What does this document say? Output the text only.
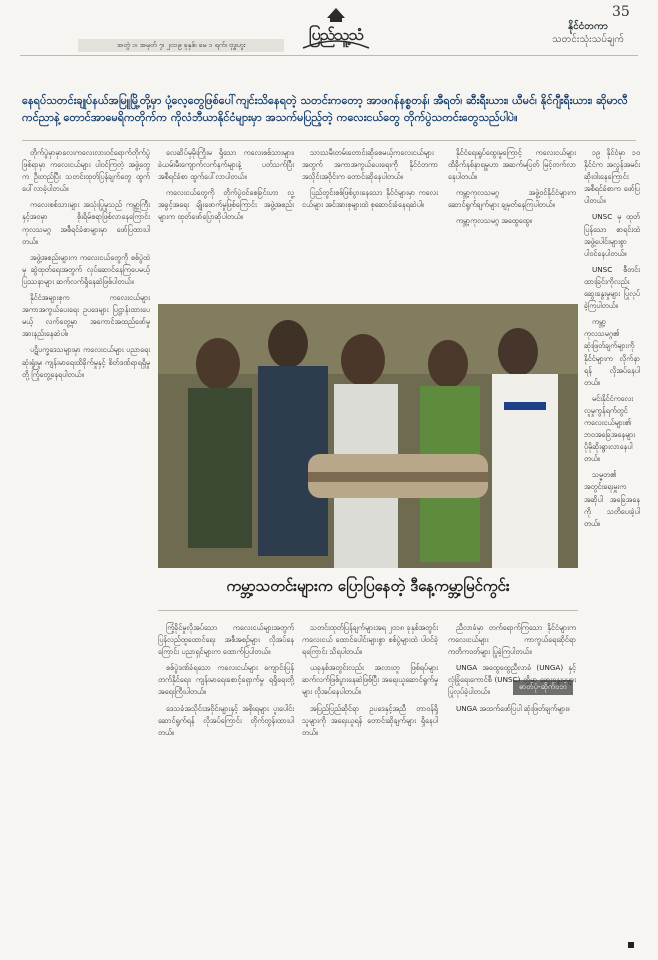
အတွဲ ၁၊ အမှတ် ၇၊ ၂၀၁၉ ခုနှစ်၊ မေ ၁ ရက်၊ ဗုဒ္ဓဟူး
ပြည်သူ့သံ	နိုင်ငံတကာ
သတင်းသုံးသပ်ချက်
35
နေရပ်သတင်းချုပ်နယ်အမြူမြို့တို့မှာ ပုံ့လေ့တွေဖြစ်ပေါ်ကျင်းသိနေရတဲ့ သတင်းကတော့ အာဖဂန်နစ္စတန်၊ အီရတ်၊ ဆီးရီးယား၊ ယီမင်၊ နိုင်ဂျီးရီးယား၊ ဆိုမာလီ ကင်ညာနဲ့ တောင်အာမေရိကတိုက်က ကိုလံဘီယာနိုင်ငံများမှာ အသက်မပြည့်တဲ့ ကလေးငယ်တွေ တိုက်ပွဲသတင်းတွေသည်ပါပဲ။

တိုက်ပွဲမှာမှာလေးကလေးလားဝင်ရောက်တိုက်ပွဲဖြစ်ရာမှာ ကလေးငယ်များ ပါဝင်ကြတဲ့ အဖွဲ့တွေက ဦးတည်ပြီး သတင်းထုတ်ပြန်ချက်တွေ ထွက်ပေါ်လာခဲ့ပါတယ်။

ကလေးစစ်သားများ အသုံးပြုမှုသည် ကမ္ဘာ့ကြီးနှင့်အဝမှာ စိုးရိမ်စရာဖြစ်လာနေကြောင်း ကုလသမဂ္ဂ အစီရင်ခံစာများမှာ ဖော်ပြထားပါတယ်။

အဖွဲ့အစည်းများက ကလေးငယ်တွေကို စစ်ပွဲထဲမှ ဆွဲထုတ်ရေးအတွက် လုပ်ဆောင်နေကြပေမယ့် ပြဿနာများ ဆက်လက်ရှိနေဆဲဖြစ်ပါတယ်။

နိုင်ငံအများစုက ကလေးငယ်များ အကာအကွယ်ပေးရေး ဥပဒေများ ပြဋ္ဌာန်းထားပေမယ့် လက်တွေ့မှာ အကောင်အထည်ဖော်မှု အားနည်းနေဆဲပါ။

ပဋိပက္ခဒေသများမှာ ကလေးငယ်များ ပညာရေးဆုံးရှုံးမှု၊ ကျန်းမာရေးထိခိုက်မှုနှင့် စိတ်ဒဏ်ရာရရှိမှုတို့ ကြုံတွေ့နေရပါတယ်။

လေဆိပ်မှမိုးကြိုးမ ရှိသော ကလေးစစ်သားများ၊ ခဲယမ်းမီးကျောက်လက်နက်များနဲ့ ပတ်သက်ပြီး အစီရင်ခံစာ ထွက်ပေါ်လာပါတယ်။

ကလေးငယ်တွေကို တိုက်ပွဲဝင်စေခြင်းဟာ လူ့အခွင့်အရေး ချိုးဖောက်မှုဖြစ်ကြောင်း အဖွဲ့အစည်းများက ထုတ်ဖော်ပြောဆိုပါတယ်။

သားသမီးတမ်းတောင်းဆိုစေမယ့်ကလေးငယ်များ အတွက် အကာအကွယ်ပေးရေးကို နိုင်ငံတကာ အသိုင်းအဝိုင်းက တောင်းဆိုနေပါတယ်။

ပြည်တွင်းစစ်ဖြစ်ပွားနေသော နိုင်ငံများမှာ ကလေးငယ်များ အင်အားစုများထဲ စုဆောင်းခံနေရဆဲပါ။

နိုင်ငံရေးရှုပ်ထွေးမှုကြောင့် ကလေးငယ်များ ထိခိုက်နစ်နာရမှုဟာ အဆက်မပြတ် မြင့်တက်လာနေပါတယ်။

ကမ္ဘာ့ကုလသမဂ္ဂ အဖွဲ့ဝင်နိုင်ငံများက ဆောင်ရွက်ချက်များ ချမှတ်နေကြပါတယ်။

ကမ္ဘာ့ကုလသမဂ္ဂ အထွေထွေ။

ဓာတ်ပုံ-ဆိုက်ဝဘ်
ကမ္ဘာ့သတင်းများက ပြောပြနေတဲ့ ဒီနေ့ကမ္ဘာ့မြင်ကွင်း

ကြံ့ခိုင်မှုလိုအပ်သော ကလေးငယ်များအတွက် ပြန်လည်ထူထောင်ရေး အစီအစဉ်များ လိုအပ်နေကြောင်း ပညာရှင်များက ထောက်ပြပါတယ်။

စစ်ပွဲဒဏ်ခံရသော ကလေးငယ်များ ကျောင်းပြန်တက်နိုင်ရေး၊ ကျန်းမာရေးစောင့်ရှောက်မှု ရရှိရေးတို့ အရေးကြီးပါတယ်။

ဒေသခံအသိုင်းအဝိုင်းများနှင့် အစိုးရများ ပူးပေါင်းဆောင်ရွက်ရန် လိုအပ်ကြောင်း တိုက်တွန်းထားပါတယ်။

သတင်းထုတ်ပြန်ချက်များအရ ၂၀၁၈ ခုနှစ်အတွင်း ကလေးငယ် ထောင်ပေါင်းများစွာ စစ်ပွဲများထဲ ပါဝင်ခဲ့ရကြောင်း သိရပါတယ်။

ယခုနှစ်အတွင်းလည်း အလားတူ ဖြစ်ရပ်များ ဆက်လက်ဖြစ်ပွားနေဆဲဖြစ်ပြီး အရေးယူဆောင်ရွက်မှုများ လိုအပ်နေပါတယ်။

အပြည်ပြည်ဆိုင်ရာ ဥပဒေနှင့်အညီ တာဝန်ရှိသူများကို အရေးယူရန် တောင်းဆိုချက်များ ရှိနေပါတယ်။

ညီလာခံမှာ တက်ရောက်ကြသော နိုင်ငံများက ကလေးငယ်များ ကာကွယ်ရေးဆိုင်ရာ ကတိကဝတ်များ ပြုခဲ့ကြပါတယ်။

UNGA အထွေထွေညီလာခံ (UNGA) နှင့် လုံခြုံရေးကောင်စီ (UNSC) တို့မှာ ဆွေးနွေးမှုများ ပြုလုပ်ခဲ့ပါတယ်။

UNGA အထက်ဖော်ပြပါ ဆုံးဖြတ်ချက်များ။

၁၉ နိုင်ငံမှာ ၁၀ နိုင်ငံက အလွန်အမင်း ဆိုးဝါးနေကြောင်း အစီရင်ခံစာက ဖော်ပြပါတယ်။

UNSC မှ ထုတ်ပြန်သော စာရင်းထဲ အဖွဲ့ပေါင်းများစွာ ပါဝင်နေပါတယ်။

UNSC စီတင်းထားခြင်းကိုလည်း ဆွေးနွေးမှုများ ပြုလုပ်ခဲ့ကြပါတယ်။

ကမ္ဘာ့ကုလသမဂ္ဂ၏ ဆုံးဖြတ်ချက်များကို နိုင်ငံများက လိုက်နာရန် လိုအပ်နေပါတယ်။

မင်းနိုင်ငံကလေးလူမှုကွန်ရက်တွင် ကလေးငယ်များ၏ ဘဝအခြေအနေများ ပိုမိုဆိုးရွားလာနေပါတယ်။

သမ္မတ၏ အတွင်းရေးမှူးက အဆိုပါ အခြေအနေကို သတိပေးခဲ့ပါတယ်။
